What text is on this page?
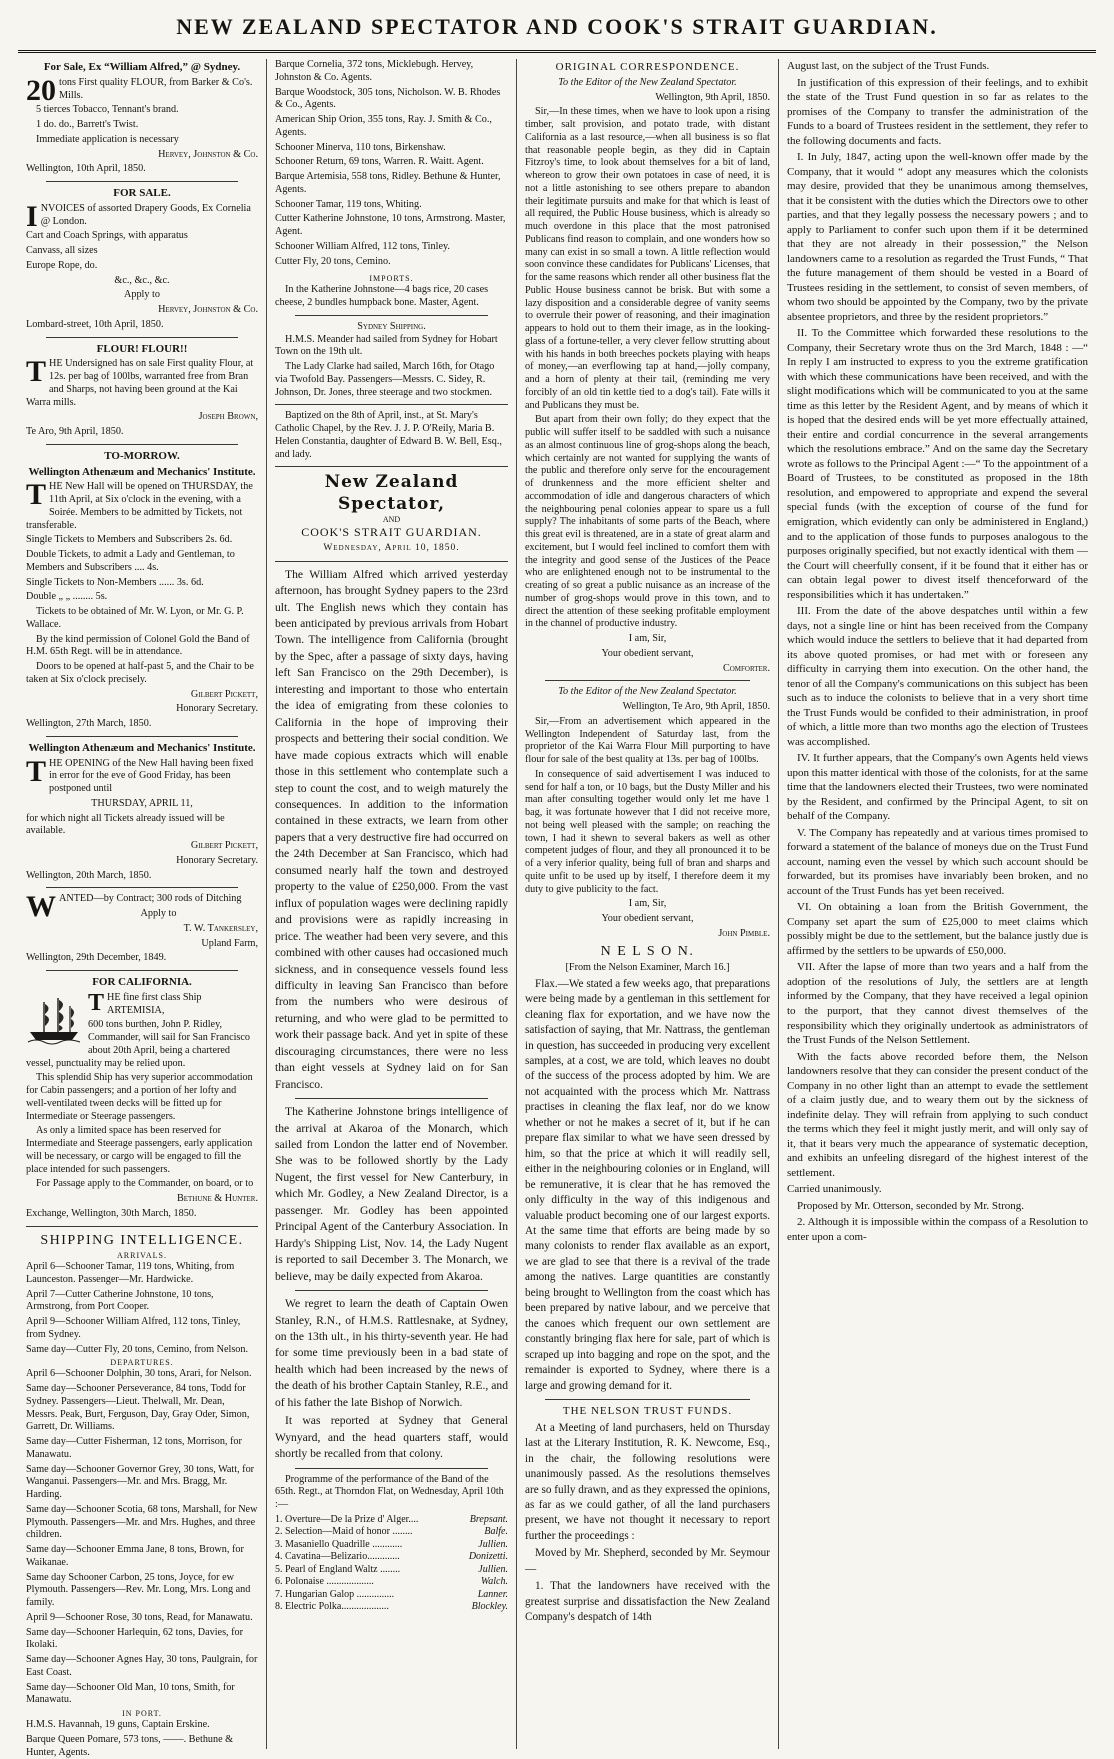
NEW ZEALAND SPECTATOR AND COOK'S STRAIT GUARDIAN.
For Sale, Ex “William Alfred,” @ Sydney.

20 tons First quality FLOUR, from Barker & Co's. Mills.

5 tierces Tobacco, Tennant's brand.

1 do. do., Barrett's Twist.

Immediate application is necessary

Hervey, Johnston & Co.

Wellington, 10th April, 1850.

FOR SALE.

INVOICES of assorted Drapery Goods, Ex Cornelia @ London.

Cart and Coach Springs, with apparatus

Canvass, all sizes

Europe Rope, do.

&c., &c., &c.

Apply to

Hervey, Johnston & Co.

Lombard-street, 10th April, 1850.

FLOUR! FLOUR!!

THE Undersigned has on sale First quality Flour, at 12s. per bag of 100lbs, warranted free from Bran and Sharps, not having been ground at the Kai Warra mills.

Joseph Brown,

Te Aro, 9th April, 1850.

TO-MORROW.
Wellington Athenæum and Mechanics' Institute.

THE New Hall will be opened on THURSDAY, the 11th April, at Six o'clock in the evening, with a Soirée. Members to be admitted by Tickets, not transferable.

Single Tickets to Members and Subscribers 2s. 6d.

Double Tickets, to admit a Lady and Gentleman, to Members and Subscribers .... 4s.

Single Tickets to Non-Members ...... 3s. 6d.

Double „ „ ........ 5s.

Tickets to be obtained of Mr. W. Lyon, or Mr. G. P. Wallace.

By the kind permission of Colonel Gold the Band of H.M. 65th Regt. will be in attendance.

Doors to be opened at half-past 5, and the Chair to be taken at Six o'clock precisely.

Gilbert Pickett,

Honorary Secretary.

Wellington, 27th March, 1850.

Wellington Athenæum and Mechanics' Institute.

THE OPENING of the New Hall having been fixed in error for the eve of Good Friday, has been postponed until

THURSDAY, APRIL 11,

for which night all Tickets already issued will be available.

Gilbert Pickett,

Honorary Secretary.

Wellington, 20th March, 1850.

WANTED—by Contract; 300 rods of Ditching

Apply to

T. W. Tankersley,

Upland Farm,

Wellington, 29th December, 1849.

FOR CALIFORNIA.

THE fine first class Ship ARTEMISIA,

600 tons burthen, John P. Ridley, Commander, will sail for San Francisco about 20th April, being a chartered vessel, punctuality may be relied upon.

This splendid Ship has very superior accommodation for Cabin passengers; and a portion of her lofty and well-ventilated tween decks will be fitted up for Intermediate or Steerage passengers.

As only a limited space has been reserved for Intermediate and Steerage passengers, early application will be necessary, or cargo will be engaged to fill the place intended for such passengers.

For Passage apply to the Commander, on board, or to

Bethune & Hunter.

Exchange, Wellington, 30th March, 1850.

SHIPPING INTELLIGENCE.
ARRIVALS.

April 6—Schooner Tamar, 119 tons, Whiting, from Launceston. Passenger—Mr. Hardwicke.

April 7—Cutter Catherine Johnstone, 10 tons, Armstrong, from Port Cooper.

April 9—Schooner William Alfred, 112 tons, Tinley, from Sydney.

Same day—Cutter Fly, 20 tons, Cemino, from Nelson.

DEPARTURES.

April 6—Schooner Dolphin, 30 tons, Arari, for Nelson.

Same day—Schooner Perseverance, 84 tons, Todd for Sydney. Passengers—Lieut. Thelwall, Mr. Dean, Messrs. Peak, Burt, Ferguson, Day, Gray Oder, Simon, Garrett, Dr. Williams.

Same day—Cutter Fisherman, 12 tons, Morrison, for Manawatu.

Same day—Schooner Governor Grey, 30 tons, Watt, for Wanganui. Passengers—Mr. and Mrs. Bragg, Mr. Harding.

Same day—Schooner Scotia, 68 tons, Marshall, for New Plymouth. Passengers—Mr. and Mrs. Hughes, and three children.

Same day—Schooner Emma Jane, 8 tons, Brown, for Waikanae.

Same day Schooner Carbon, 25 tons, Joyce, for ew Plymouth. Passengers—Rev. Mr. Long, Mrs. Long and family.

April 9—Schooner Rose, 30 tons, Read, for Manawatu.

Same day—Schooner Harlequin, 62 tons, Davies, for Ikolaki.

Same day—Schooner Agnes Hay, 30 tons, Paulgrain, for East Coast.

Same day—Schooner Old Man, 10 tons, Smith, for Manawatu.

IN PORT.

H.M.S. Havannah, 19 guns, Captain Erskine.

Barque Queen Pomare, 573 tons, ——. Bethune & Hunter, Agents.

Barque Cornelia, 372 tons, Micklebugh. Hervey, Johnston & Co. Agents.

Barque Woodstock, 305 tons, Nicholson. W. B. Rhodes & Co., Agents.

American Ship Orion, 355 tons, Ray. J. Smith & Co., Agents.

Schooner Minerva, 110 tons, Birkenshaw.

Schooner Return, 69 tons, Warren. R. Waitt. Agent.

Barque Artemisia, 558 tons, Ridley. Bethune & Hunter, Agents.

Schooner Tamar, 119 tons, Whiting.

Cutter Katherine Johnstone, 10 tons, Armstrong. Master, Agent.

Schooner William Alfred, 112 tons, Tinley.

Cutter Fly, 20 tons, Cemino.

IMPORTS.

In the Katherine Johnstone—4 bags rice, 20 cases cheese, 2 bundles humpback bone. Master, Agent.

Sydney Shipping.

H.M.S. Meander had sailed from Sydney for Hobart Town on the 19th ult.

The Lady Clarke had sailed, March 16th, for Otago via Twofold Bay. Passengers—Messrs. C. Sidey, R. Johnson, Dr. Jones, three steerage and two stockmen.

Baptized on the 8th of April, inst., at St. Mary's Catholic Chapel, by the Rev. J. J. P. O'Reily, Maria B. Helen Constantia, daughter of Edward B. W. Bell, Esq., and lady.

New Zealand Spectator,
AND
COOK'S STRAIT GUARDIAN.
Wednesday, April 10, 1850.

The William Alfred which arrived yesterday afternoon, has brought Sydney papers to the 23rd ult. The English news which they contain has been anticipated by previous arrivals from Hobart Town. The intelligence from California (brought by the Spec, after a passage of sixty days, having left San Francisco on the 29th December), is interesting and important to those who entertain the idea of emigrating from these colonies to California in the hope of improving their prospects and bettering their social condition. We have made copious extracts which will enable those in this settlement who contemplate such a step to count the cost, and to weigh maturely the consequences. In addition to the information contained in these extracts, we learn from other papers that a very destructive fire had occurred on the 24th December at San Francisco, which had consumed nearly half the town and destroyed property to the value of £250,000. From the vast influx of population wages were declining rapidly and provisions were as rapidly increasing in price. The weather had been very severe, and this combined with other causes had occasioned much sickness, and in consequence vessels found less difficulty in leaving San Francisco than before from the numbers who were desirous of returning, and who were glad to be permitted to work their passage back. And yet in spite of these discouraging circumstances, there were no less than eight vessels at Sydney laid on for San Francisco.

The Katherine Johnstone brings intelligence of the arrival at Akaroa of the Monarch, which sailed from London the latter end of November. She was to be followed shortly by the Lady Nugent, the first vessel for New Canterbury, in which Mr. Godley, a New Zealand Director, is a passenger. Mr. Godley has been appointed Principal Agent of the Canterbury Association. In Hardy's Shipping List, Nov. 14, the Lady Nugent is reported to sail December 3. The Monarch, we believe, may be daily expected from Akaroa.

We regret to learn the death of Captain Owen Stanley, R.N., of H.M.S. Rattlesnake, at Sydney, on the 13th ult., in his thirty-seventh year. He had for some time previously been in a bad state of health which had been increased by the news of the death of his brother Captain Stanley, R.E., and of his father the late Bishop of Norwich.

It was reported at Sydney that General Wynyard, and the head quarters staff, would shortly be recalled from that colony.

Programme of the performance of the Band of the 65th. Regt., at Thorndon Flat, on Wednesday, April 10th :—

1. Overture—De la Prize d' Alger....	Brepsant.
2. Selection—Maid of honor ........	Balfe.
3. Masaniello Quadrille ............	Jullien.
4. Cavatina—Belizario.............	Donizetti.
5. Pearl of England Waltz ........	Jullien.
6. Polonaise ...................	Walch.
7. Hungarian Galop ...............	Lanner.
8. Electric Polka...................	Blockley.
ORIGINAL CORRESPONDENCE.

To the Editor of the New Zealand Spectator.

Wellington, 9th April, 1850.

Sir,—In these times, when we have to look upon a rising timber, salt provision, and potato trade, with distant California as a last resource,—when all business is so flat that reasonable people begin, as they did in Captain Fitzroy's time, to look about themselves for a bit of land, whereon to grow their own potatoes in case of need, it is not a little astonishing to see others prepare to abandon their legitimate pursuits and make for that which is least of all required, the Public House business, which is already so much overdone in this place that the most patronised Publicans find reason to complain, and one wonders how so many can exist in so small a town. A little reflection would soon convince these candidates for Publicans' Licenses, that for the same reasons which render all other business flat the Public House business cannot be brisk. But with some a lazy disposition and a considerable degree of vanity seems to overrule their power of reasoning, and their imagination appears to hold out to them their image, as in the looking-glass of a fortune-teller, a very clever fellow strutting about with his hands in both breeches pockets playing with heaps of money,—an everflowing tap at hand,—jolly company, and a horn of plenty at their tail, (reminding me very forcibly of an old tin kettle tied to a dog's tail). Fate wills it and Publicans they must be.

But apart from their own folly; do they expect that the public will suffer itself to be saddled with such a nuisance as an almost continuous line of grog-shops along the beach, which certainly are not wanted for supplying the wants of the public and therefore only serve for the encouragement of drunkenness and the more efficient shelter and accommodation of idle and dangerous characters of which the neighbouring penal colonies appear to spare us a full supply? The inhabitants of some parts of the Beach, where this great evil is threatened, are in a state of great alarm and excitement, but I would feel inclined to comfort them with the integrity and good sense of the Justices of the Peace who are enlightened enough not to be instrumental to the creating of so great a public nuisance as an increase of the number of grog-shops would prove in this town, and to direct the attention of these seeking profitable employment in the channel of productive industry.

I am, Sir,

Your obedient servant,

Comforter.

To the Editor of the New Zealand Spectator.

Wellington, Te Aro, 9th April, 1850.

Sir,—From an advertisement which appeared in the Wellington Independent of Saturday last, from the proprietor of the Kai Warra Flour Mill purporting to have flour for sale of the best quality at 13s. per bag of 100lbs.

In consequence of said advertisement I was induced to send for half a ton, or 10 bags, but the Dusty Miller and his man after consulting together would only let me have 1 bag, it was fortunate however that I did not receive more, not being well pleased with the sample; on reaching the town, I had it shewn to several bakers as well as other competent judges of flour, and they all pronounced it to be of a very inferior quality, being full of bran and sharps and quite unfit to be used up by itself, I therefore deem it my duty to give publicity to the fact.

I am, Sir,

Your obedient servant,

John Pimble.

N E L S O N.

[From the Nelson Examiner, March 16.]

Flax.—We stated a few weeks ago, that preparations were being made by a gentleman in this settlement for cleaning flax for exportation, and we have now the satisfaction of saying, that Mr. Nattrass, the gentleman in question, has succeeded in producing very excellent samples, at a cost, we are told, which leaves no doubt of the success of the process adopted by him. We are not acquainted with the process which Mr. Nattrass practises in cleaning the flax leaf, nor do we know whether or not he makes a secret of it, but if he can prepare flax similar to what we have seen dressed by him, so that the price at which it will readily sell, either in the neighbouring colonies or in England, will be remunerative, it is clear that he has removed the only difficulty in the way of this indigenous and valuable product becoming one of our largest exports. At the same time that efforts are being made by so many colonists to render flax available as an export, we are glad to see that there is a revival of the trade among the natives. Large quantities are constantly being brought to Wellington from the coast which has been prepared by native labour, and we perceive that the canoes which frequent our own settlement are constantly bringing flax here for sale, part of which is scraped up into bagging and rope on the spot, and the remainder is exported to Sydney, where there is a large and growing demand for it.

THE NELSON TRUST FUNDS.

At a Meeting of land purchasers, held on Thursday last at the Literary Institution, R. K. Newcome, Esq., in the chair, the following resolutions were unanimously passed. As the resolutions themselves are so fully drawn, and as they expressed the opinions, as far as we could gather, of all the land purchasers present, we have not thought it necessary to report further the proceedings :

Moved by Mr. Shepherd, seconded by Mr. Seymour—

1. That the landowners have received with the greatest surprise and dissatisfaction the New Zealand Company's despatch of 14th

August last, on the subject of the Trust Funds.

In justification of this expression of their feelings, and to exhibit the state of the Trust Fund question in so far as relates to the promises of the Company to transfer the administration of the Funds to a board of Trustees resident in the settlement, they refer to the following documents and facts.

I. In July, 1847, acting upon the well-known offer made by the Company, that it would “ adopt any measures which the colonists may desire, provided that they be unanimous among themselves, that it be consistent with the duties which the Directors owe to other parties, and that they legally possess the necessary powers ; and to apply to Parliament to confer such upon them if it be determined that they are not already in their possession,” the Nelson landowners came to a resolution as regarded the Trust Funds, “ That the future management of them should be vested in a Board of Trustees residing in the settlement, to consist of seven members, of whom two should be appointed by the Company, two by the private absentee proprietors, and three by the resident proprietors.”

II. To the Committee which forwarded these resolutions to the Company, their Secretary wrote thus on the 3rd March, 1848 : —“ In reply I am instructed to express to you the extreme gratification with which these communications have been received, and with the slight modifications which will be communicated to you at the same time as this letter by the Resident Agent, and by means of which it is hoped that the desired ends will be yet more effectually attained, their entire and cordial concurrence in the several arrangements which the resolutions embrace.” And on the same day the Secretary wrote as follows to the Principal Agent :—“ To the appointment of a Board of Trustees, to be constituted as proposed in the 18th resolution, and empowered to appropriate and expend the several special funds (with the exception of course of the fund for emigration, which evidently can only be administered in England,) and to the application of those funds to purposes analogous to the purposes originally specified, but not exactly identical with them —the Court will cheerfully consent, if it be found that it either has or can obtain legal power to divest itself thenceforward of the responsibilities which it has undertaken.”

III. From the date of the above despatches until within a few days, not a single line or hint has been received from the Company which would induce the settlers to believe that it had departed from its above quoted promises, or had met with or foreseen any difficulty in carrying them into execution. On the other hand, the tenor of all the Company's communications on this subject has been such as to induce the colonists to believe that in a very short time the Trust Funds would be confided to their administration, in proof of which, a little more than two months ago the election of Trustees was accomplished.

IV. It further appears, that the Company's own Agents held views upon this matter identical with those of the colonists, for at the same time that the landowners elected their Trustees, two were nominated by the Resident, and confirmed by the Principal Agent, to sit on behalf of the Company.

V. The Company has repeatedly and at various times promised to forward a statement of the balance of moneys due on the Trust Fund account, naming even the vessel by which such account should be forwarded, but its promises have invariably been broken, and no account of the Trust Funds has yet been received.

VI. On obtaining a loan from the British Government, the Company set apart the sum of £25,000 to meet claims which possibly might be due to the settlement, but the balance justly due is affirmed by the settlers to be upwards of £50,000.

VII. After the lapse of more than two years and a half from the adoption of the resolutions of July, the settlers are at length informed by the Company, that they have received a legal opinion to the purport, that they cannot divest themselves of the responsibility which they originally undertook as administrators of the Trust Funds of the Nelson Settlement.

With the facts above recorded before them, the Nelson landowners resolve that they can consider the present conduct of the Company in no other light than an attempt to evade the settlement of a claim justly due, and to weary them out by the sickness of indefinite delay. They will refrain from applying to such conduct the terms which they feel it might justly merit, and will only say of it, that it bears very much the appearance of systematic deception, and exhibits an unfeeling disregard of the highest interest of the settlement.

Carried unanimously.

Proposed by Mr. Otterson, seconded by Mr. Strong.

2. Although it is impossible within the compass of a Resolution to enter upon a com-
